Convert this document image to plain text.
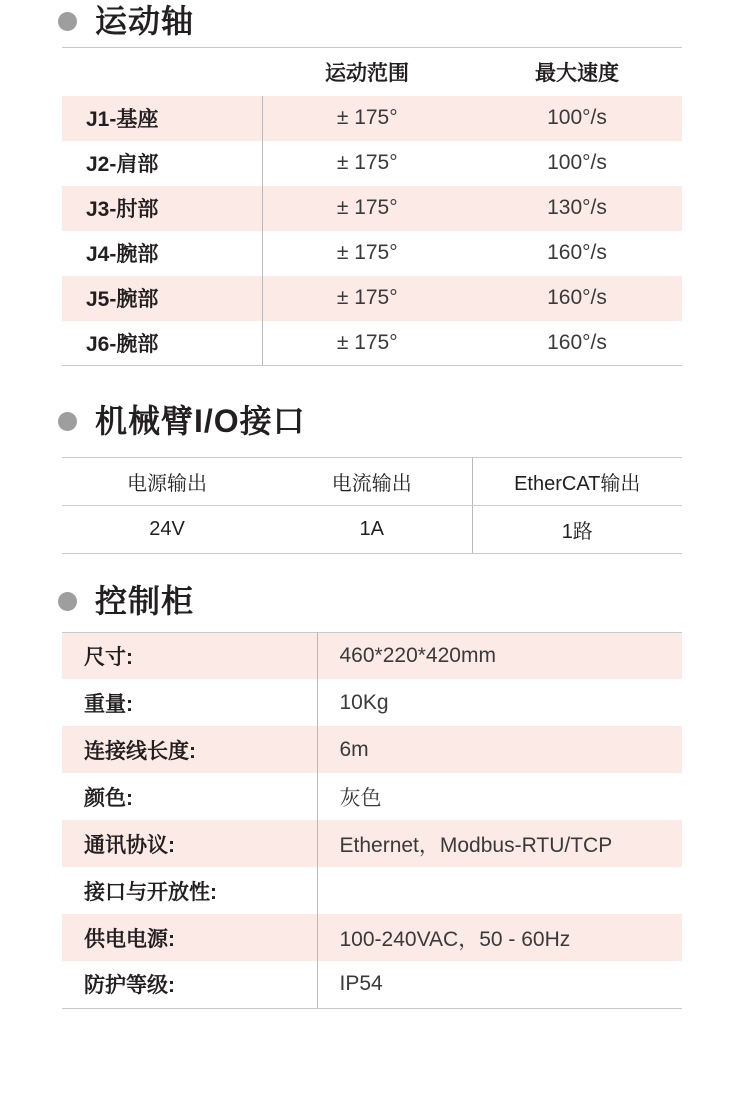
运动轴
	运动范围	最大速度
J1-基座	± 175°	100°/s
J2-肩部	± 175°	100°/s
J3-肘部	± 175°	130°/s
J4-腕部	± 175°	160°/s
J5-腕部	± 175°	160°/s
J6-腕部	± 175°	160°/s
机械臂I/O接口
电源输出	电流输出	EtherCAT输出
24V	1A	1路
控制柜
尺寸:	460*220*420mm
重量:	10Kg
连接线长度:	6m
颜色:	灰色
通讯协议:	Ethernet，Modbus-RTU/TCP
接口与开放性:	
供电电源:	100-240VAC，50 - 60Hz
防护等级:	IP54
